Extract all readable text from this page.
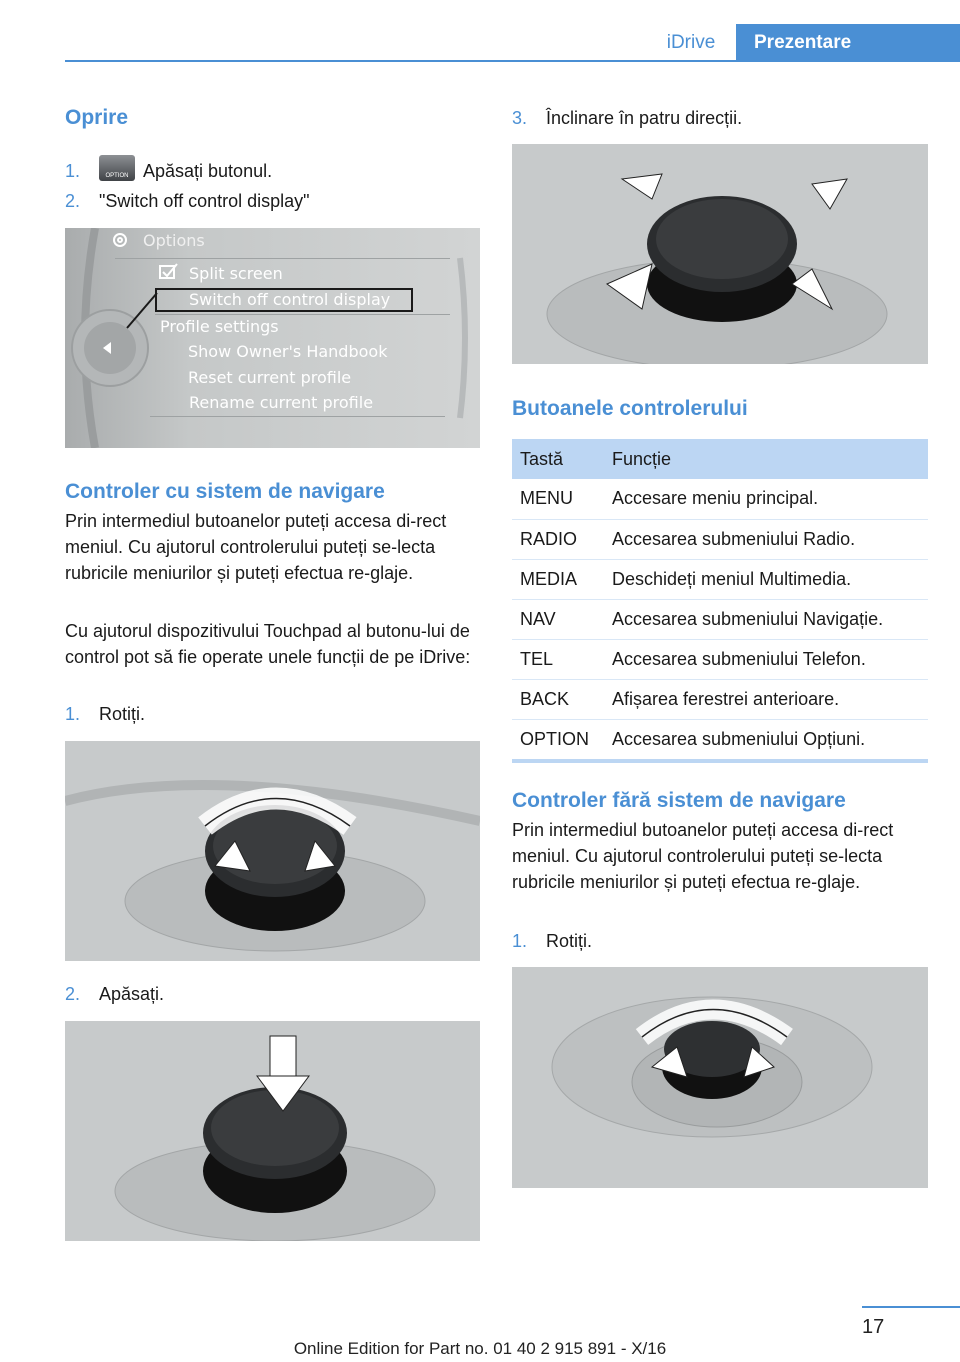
iDrive	Prezentare
Oprire
1. OPTION	Apăsați butonul.
2. "Switch off control display"
Options
Split screen
Switch off control display
Profile settings
Show Owner's Handbook
Reset current profile
Rename current profile
Controler cu sistem de navigare

Prin intermediul butoanelor puteți accesa di-rect meniul. Cu ajutorul controlerului puteți se-lecta rubricile meniurilor și puteți efectua re-glaje.

Cu ajutorul dispozitivului Touchpad al butonu-lui de control pot să fie operate unele funcții de pe iDrive:

1. Rotiți.
2. Apăsați.
3. Înclinare în patru direcții.
Butoanele controlerului
Tastă	Funcție
MENU	Accesare meniu principal.
RADIO	Accesarea submeniului Radio.
MEDIA	Deschideți meniul Multimedia.
NAV	Accesarea submeniului Navigație.
TEL	Accesarea submeniului Telefon.
BACK	Afișarea ferestrei anterioare.
OPTION	Accesarea submeniului Opțiuni.
Controler fără sistem de navigare

Prin intermediul butoanelor puteți accesa di-rect meniul. Cu ajutorul controlerului puteți se-lecta rubricile meniurilor și puteți efectua re-glaje.

1. Rotiți.
17
Online Edition for Part no. 01 40 2 915 891 - X/16
